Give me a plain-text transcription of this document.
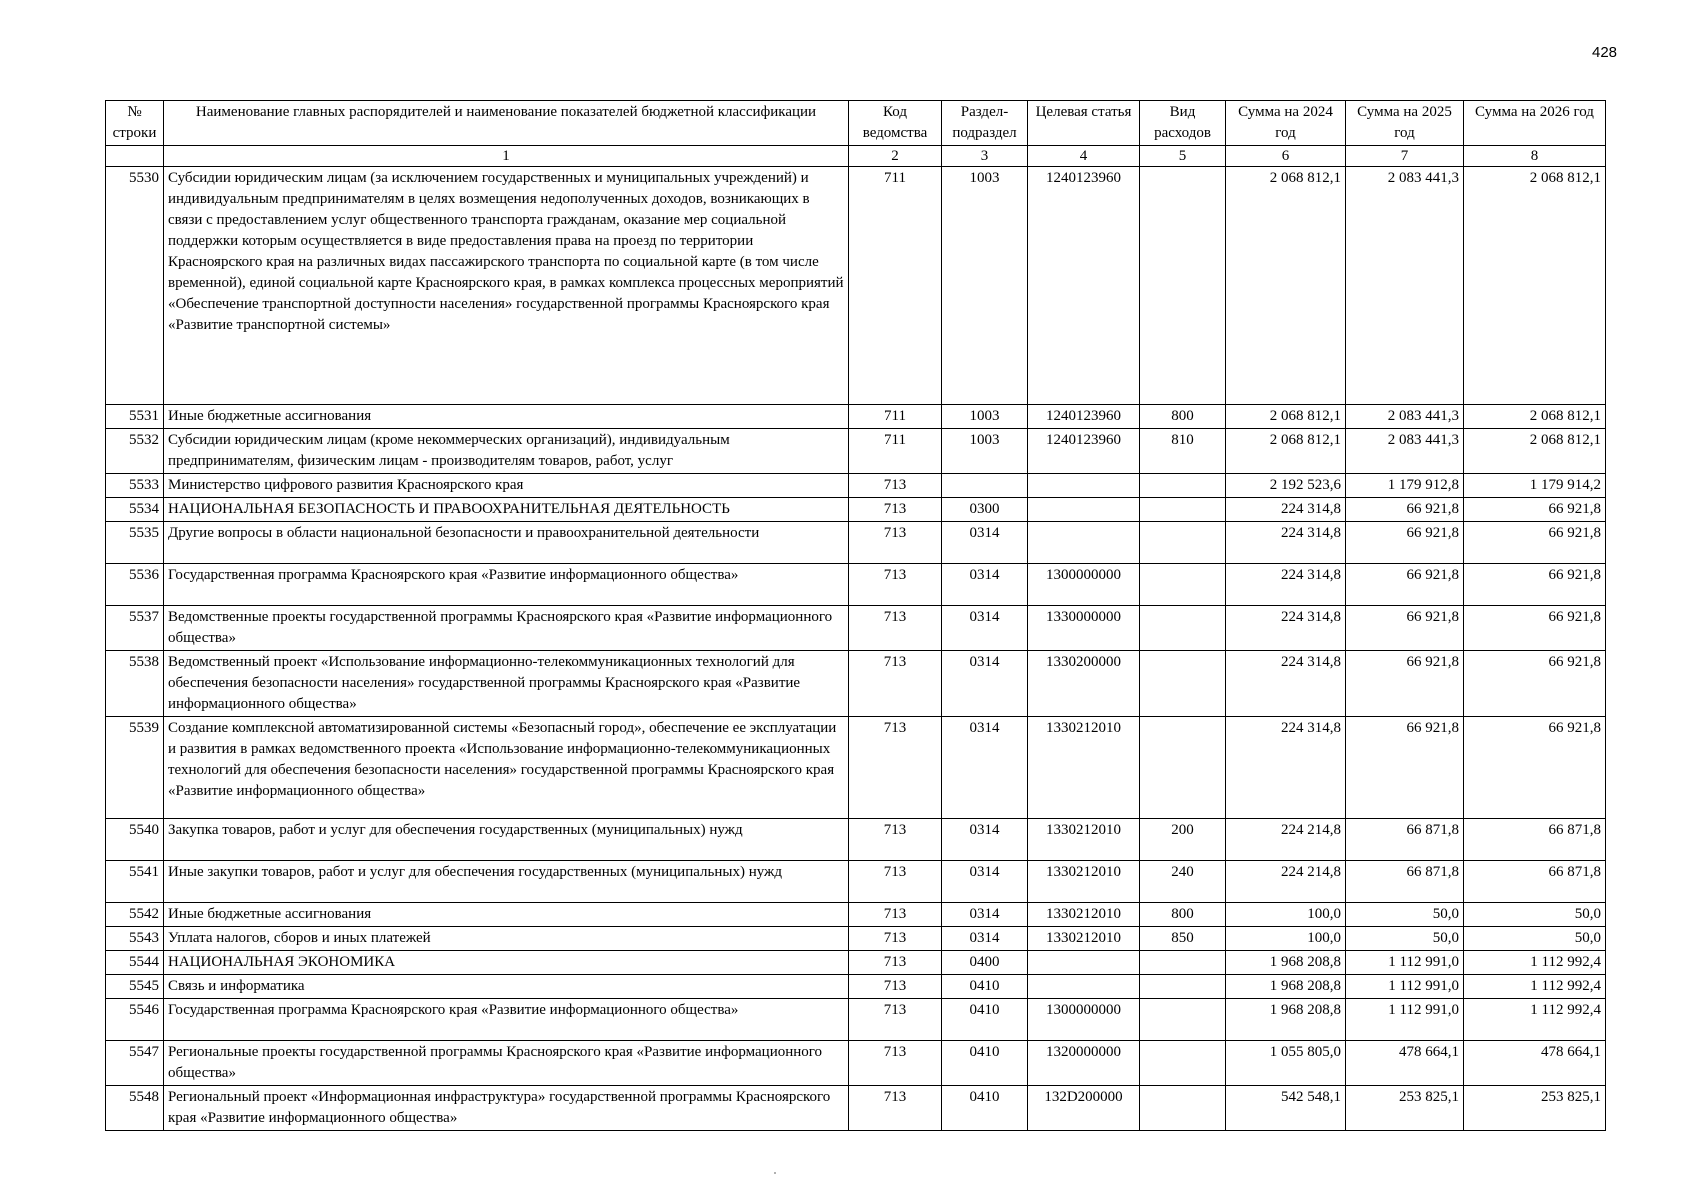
428
№ строки	Наименование главных распорядителей и наименование показателей бюджетной классификации	Код ведомства	Раздел-подраздел	Целевая статья	Вид расходов	Сумма на 2024 год	Сумма на 2025 год	Сумма на 2026 год
	1	2	3	4	5	6	7	8
5530	Субсидии юридическим лицам (за исключением государственных и муниципальных учреждений) и индивидуальным предпринимателям в целях возмещения недополученных доходов, возникающих в связи с предоставлением услуг общественного транспорта гражданам, оказание мер социальной поддержки которым осуществляется в виде предоставления права на проезд по территории Красноярского края на различных видах пассажирского транспорта по социальной карте (в том числе временной), единой социальной карте Красноярского края, в рамках комплекса процессных мероприятий «Обеспечение транспортной доступности населения» государственной программы Красноярского края «Развитие транспортной системы»	711	1003	1240123960		2 068 812,1	2 083 441,3	2 068 812,1
5531	Иные бюджетные ассигнования	711	1003	1240123960	800	2 068 812,1	2 083 441,3	2 068 812,1
5532	Субсидии юридическим лицам (кроме некоммерческих организаций), индивидуальным предпринимателям, физическим лицам - производителям товаров, работ, услуг	711	1003	1240123960	810	2 068 812,1	2 083 441,3	2 068 812,1
5533	Министерство цифрового развития Красноярского края	713				2 192 523,6	1 179 912,8	1 179 914,2
5534	НАЦИОНАЛЬНАЯ БЕЗОПАСНОСТЬ И ПРАВООХРАНИТЕЛЬНАЯ ДЕЯТЕЛЬНОСТЬ	713	0300			224 314,8	66 921,8	66 921,8
5535	Другие вопросы в области национальной безопасности и правоохранительной деятельности	713	0314			224 314,8	66 921,8	66 921,8
5536	Государственная программа Красноярского края «Развитие информационного общества»	713	0314	1300000000		224 314,8	66 921,8	66 921,8
5537	Ведомственные проекты государственной программы Красноярского края «Развитие информационного общества»	713	0314	1330000000		224 314,8	66 921,8	66 921,8
5538	Ведомственный проект «Использование информационно-телекоммуникационных технологий для обеспечения безопасности населения» государственной программы Красноярского края «Развитие информационного общества»	713	0314	1330200000		224 314,8	66 921,8	66 921,8
5539	Создание комплексной автоматизированной системы «Безопасный город», обеспечение ее эксплуатации и развития в рамках ведомственного проекта «Использование информационно-телекоммуникационных технологий для обеспечения безопасности населения» государственной программы Красноярского края «Развитие информационного общества»	713	0314	1330212010		224 314,8	66 921,8	66 921,8
5540	Закупка товаров, работ и услуг для обеспечения государственных (муниципальных) нужд	713	0314	1330212010	200	224 214,8	66 871,8	66 871,8
5541	Иные закупки товаров, работ и услуг для обеспечения государственных (муниципальных) нужд	713	0314	1330212010	240	224 214,8	66 871,8	66 871,8
5542	Иные бюджетные ассигнования	713	0314	1330212010	800	100,0	50,0	50,0
5543	Уплата налогов, сборов и иных платежей	713	0314	1330212010	850	100,0	50,0	50,0
5544	НАЦИОНАЛЬНАЯ ЭКОНОМИКА	713	0400			1 968 208,8	1 112 991,0	1 112 992,4
5545	Связь и информатика	713	0410			1 968 208,8	1 112 991,0	1 112 992,4
5546	Государственная программа Красноярского края «Развитие информационного общества»	713	0410	1300000000		1 968 208,8	1 112 991,0	1 112 992,4
5547	Региональные проекты государственной программы Красноярского края «Развитие информационного общества»	713	0410	1320000000		1 055 805,0	478 664,1	478 664,1
5548	Региональный проект «Информационная инфраструктура» государственной программы Красноярского края «Развитие информационного общества»	713	0410	132D200000		542 548,1	253 825,1	253 825,1
